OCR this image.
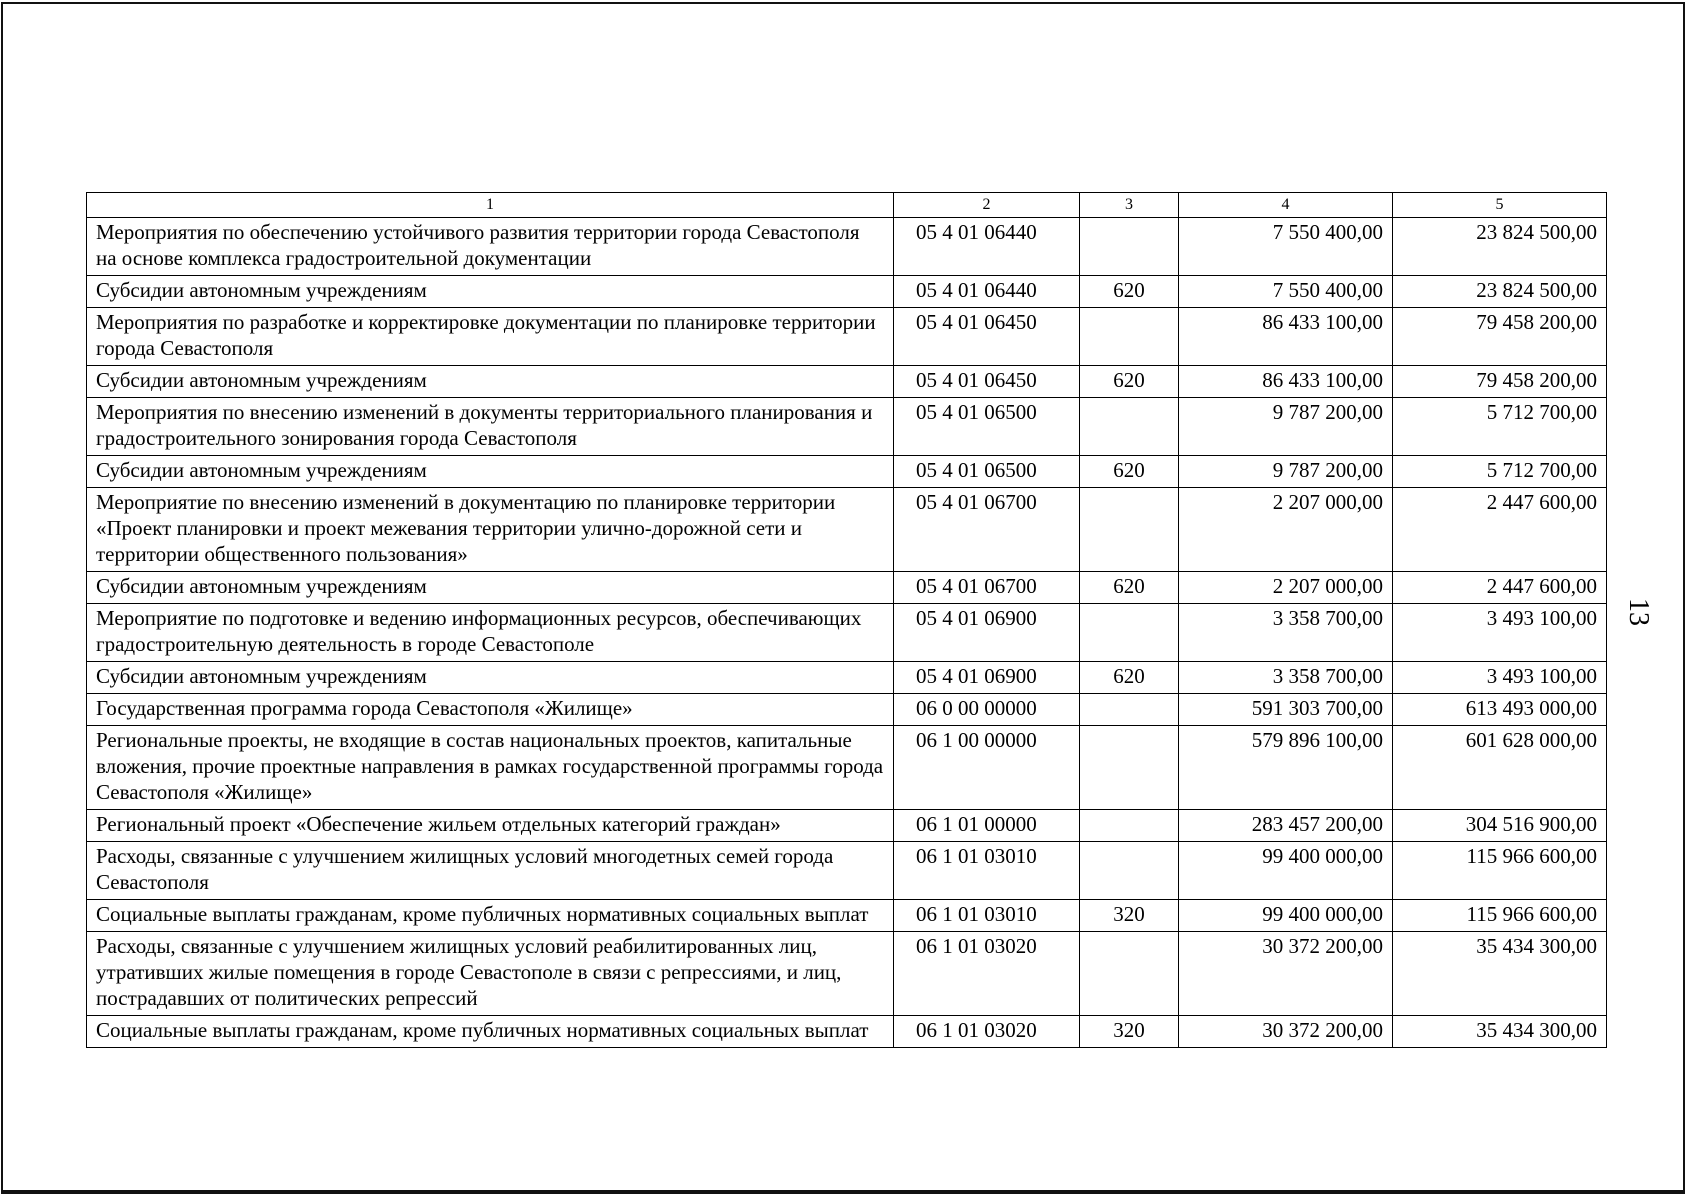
1	2	3	4	5
Мероприятия по обеспечению устойчивого развития территории города Севастополя на основе комплекса градостроительной документации	05 4 01 06440		7 550 400,00	23 824 500,00
Субсидии автономным учреждениям	05 4 01 06440	620	7 550 400,00	23 824 500,00
Мероприятия по разработке и корректировке документации по планировке территории города Севастополя	05 4 01 06450		86 433 100,00	79 458 200,00
Субсидии автономным учреждениям	05 4 01 06450	620	86 433 100,00	79 458 200,00
Мероприятия по внесению изменений в документы территориального планирования и градостроительного зонирования города Севастополя	05 4 01 06500		9 787 200,00	5 712 700,00
Субсидии автономным учреждениям	05 4 01 06500	620	9 787 200,00	5 712 700,00
Мероприятие по внесению изменений в документацию по планировке территории «Проект планировки и проект межевания территории улично-дорожной сети и территории общественного пользования»	05 4 01 06700		2 207 000,00	2 447 600,00
Субсидии автономным учреждениям	05 4 01 06700	620	2 207 000,00	2 447 600,00
Мероприятие по подготовке и ведению информационных ресурсов, обеспечивающих градостроительную деятельность в городе Севастополе	05 4 01 06900		3 358 700,00	3 493 100,00
Субсидии автономным учреждениям	05 4 01 06900	620	3 358 700,00	3 493 100,00
Государственная программа города Севастополя «Жилище»	06 0 00 00000		591 303 700,00	613 493 000,00
Региональные проекты, не входящие в состав национальных проектов, капитальные вложения, прочие проектные направления в рамках государственной программы города Севастополя «Жилище»	06 1 00 00000		579 896 100,00	601 628 000,00
Региональный проект «Обеспечение жильем отдельных категорий граждан»	06 1 01 00000		283 457 200,00	304 516 900,00
Расходы, связанные с улучшением жилищных условий многодетных семей города Севастополя	06 1 01 03010		99 400 000,00	115 966 600,00
Социальные выплаты гражданам, кроме публичных нормативных социальных выплат	06 1 01 03010	320	99 400 000,00	115 966 600,00
Расходы, связанные с улучшением жилищных условий реабилитированных лиц, утративших жилые помещения в городе Севастополе в связи с репрессиями, и лиц, пострадавших от политических репрессий	06 1 01 03020		30 372 200,00	35 434 300,00
Социальные выплаты гражданам, кроме публичных нормативных социальных выплат	06 1 01 03020	320	30 372 200,00	35 434 300,00
13
